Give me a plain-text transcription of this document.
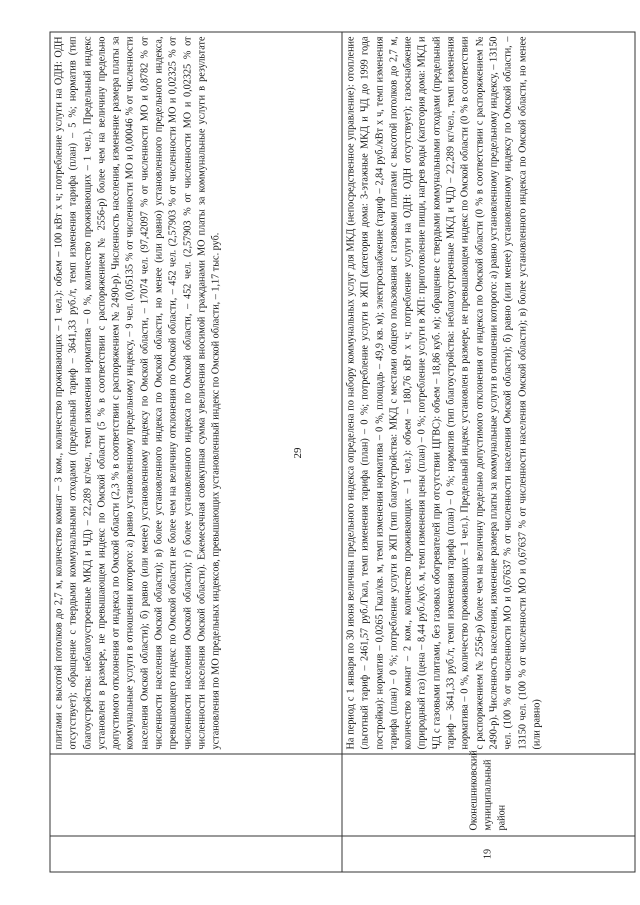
29

		плитами с высотой потолков до 2,7 м, количество комнат – 3 ком., количество проживающих – 1 чел.): объем – 100 кВт х ч; потребление услуги на ОДН: ОДН отсутствует); обращение с твердыми коммунальными отходами (предельный тариф – 3641,33 руб./т, темп изменения тарифа (план) – 5 %; норматив (тип благоустройства: неблагоустроенные МКД и ЧД) – 22,289 кг/чел., темп изменения норматива – 0 %, количество проживающих – 1 чел.). Предельный индекс установлен в размере, не превышающем индекс по Омской области (5 % в соответствии с распоряжением № 2556-р) более чем на величину предельно допустимого отклонения от индекса по Омской области (2,3 % в соответствии с распоряжением № 2490-р). Численность населения, изменение размера платы за коммунальные услуги в отношении которого: а) равно установленному предельному индексу, – 9 чел. (0,05135 % от численности МО и 0,00046 % от численности населения Омской области); б) равно (или менее) установленному индексу по Омской области, – 17074 чел. (97,42097 % от численности МО и 0,8782 % от численности населения Омской области); в) более установленного индекса по Омской области, но менее (или равно) установленного предельного индекса, превышающего индекс по Омской области не более чем на величину отклонения по Омской области, – 452 чел. (2,57903 % от численности МО и 0,02325 % от численности населения Омской области); г) более установленного индекса по Омской области, – 452 чел. (2,57903 % от численности МО и 0,02325 % от численности населения Омской области). Ежемесячная совокупная сумма увеличения вносимой гражданами МО платы за коммунальные услуги в результате установления по МО предельных индексов, превышающих установленный индекс по Омской области, – 1,17 тыс. руб.

19	Оконешниковский муниципальный район	На период с 1 января по 30 июня величина предельного индекса определена по набору коммунальных услуг для МКД (непосредственное управление): отопление (льготный тариф – 2461,57 руб./Гкал, темп изменения тарифа (план) – 0 %; потребление услуги в ЖП (категория дома: 3-этажные МКД и ЧД до 1999 года постройки): норматив – 0,0265 Гкал/кв. м, темп изменения норматива – 0 %, площадь – 49,9 кв. м); электроснабжение (тариф – 2,84 руб./кВт х ч, темп изменения тарифа (план) – 0 %; потребление услуги в ЖП (тип благоустройства: МКД с местами общего пользования с газовыми плитами с высотой потолков до 2,7 м, количество комнат – 2 ком., количество проживающих – 1 чел.): объем – 180,76 кВт х ч; потребление услуги на ОДН: ОДН отсутствует); газоснабжение (природный газ) (цена – 8,44 руб./куб. м, темп изменения цены (план) – 0 %; потребление услуги в ЖП: приготовление пищи, нагрев воды (категория дома: МКД и ЧД с газовыми плитами, без газовых обогревателей при отсутствии ЦГВС): объем – 18,86 куб. м); обращение с твердыми коммунальными отходами (предельный тариф – 3641,33 руб./т, темп изменения тарифа (план) – 0 %; норматив (тип благоустройства: неблагоустроенные МКД и ЧД) – 22,289 кг/чел., темп изменения норматива – 0 %, количество проживающих – 1 чел.). Предельный индекс установлен в размере, не превышающем индекс по Омской области (0 % в соответствии с распоряжением № 2556-р) более чем на величину предельно допустимого отклонения от индекса по Омской области (0 % в соответствии с распоряжением № 2490-р). Численность населения, изменение размера платы за коммунальные услуги в отношении которого: а) равно установленному предельному индексу, – 13150 чел. (100 % от численности МО и 0,67637 % от численности населения Омской области); б) равно (или менее) установленному индексу по Омской области, – 13150 чел. (100 % от численности МО и 0,67637 % от численности населения Омской области); в) более установленного индекса по Омской области, но менее (или равно)
